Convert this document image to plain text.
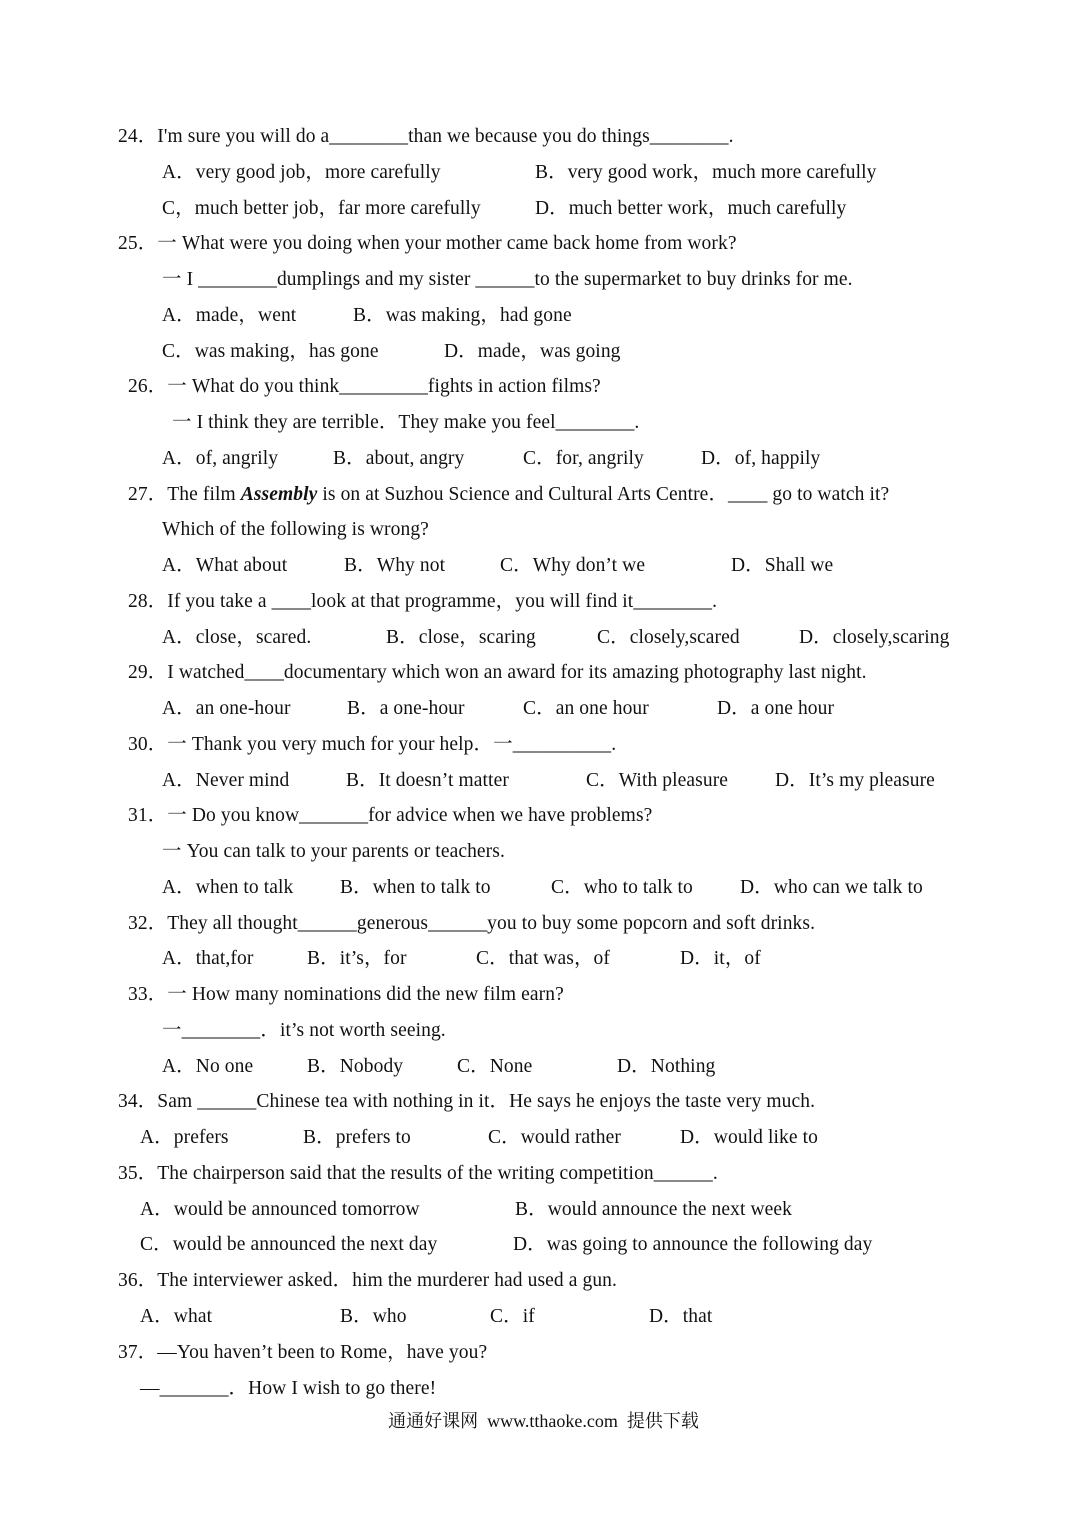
24．I'm sure you will do a________than we because you do things________.
A．very good job，more carefully	B．very good work，much more carefully
C，much better job，far more carefully	D．much better work，much carefully
25．一 What were you doing when your mother came back home from work?
一 I ________dumplings and my sister ______to the supermarket to buy drinks for me.
A．made，went	B．was making，had gone
C．was making，has gone	D．made，was going
26．一 What do you think_________fights in action films?
一 I think they are terrible．They make you feel________.
A．of, angrily	B．about, angry	C．for, angrily	D．of, happily
27．The film Assembly is on at Suzhou Science and Cultural Arts Centre．____ go to watch it?
Which of the following is wrong?
A．What about	B．Why not	C．Why don’t we	D．Shall we
28．If you take a ____look at that programme，you will find it________.
A．close，scared.	B．close，scaring	C．closely,scared	D．closely,scaring
29．I watched____documentary which won an award for its amazing photography last night.
A．an one-hour	B．a one-hour	C．an one hour	D．a one hour
30．一 Thank you very much for your help．一__________.
A．Never mind	B．It doesn’t matter	C．With pleasure D．It’s my pleasure
31．一 Do you know_______for advice when we have problems?
一 You can talk to your parents or teachers.
A．when to talk B．when to talk to	C．who to talk to D．who can we talk to
32．They all thought______generous______you to buy some popcorn and soft drinks.
A．that,for	B．it’s，for	C．that was，of	D．it，of
33．一 How many nominations did the new film earn?
一________．it’s not worth seeing.
A．No one	B．Nobody	C．None	D．Nothing
34．Sam ______Chinese tea with nothing in it．He says he enjoys the taste very much.
A．prefers	B．prefers to	C．would rather	D．would like to
35．The chairperson said that the results of the writing competition______.
A．would be announced tomorrow	B．would announce the next week
C．would be announced the next day	D．was going to announce the following day
36．The interviewer asked．him the murderer had used a gun.
A．what	B．who	C．if	D．that
37．—You haven’t been to Rome，have you?
—_______．How I wish to go there!
通通好课网 www.tthaoke.com 提供下载
